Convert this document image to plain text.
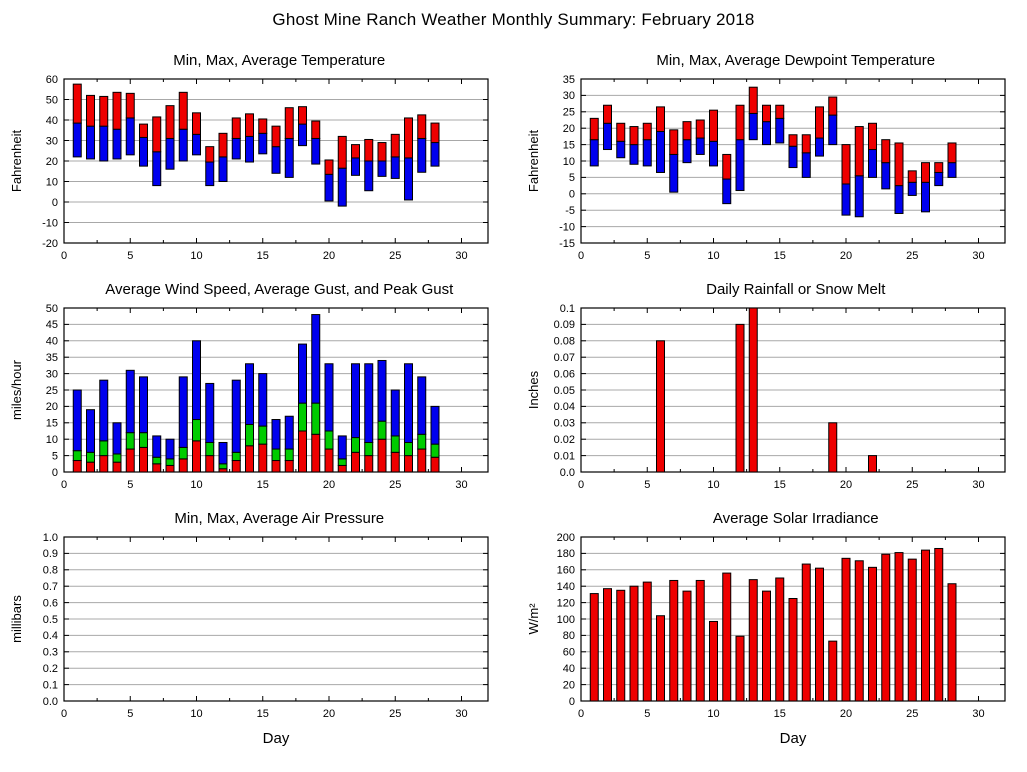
Ghost Mine Ranch Weather Monthly Summary: February 2018
Min, Max, Average Temperature
-20
-10
0
10
20
30
40
50
60
0	5	10	15	20	25	30
Fahrenheit
Min, Max, Average Dewpoint Temperature
-15
-10
-5
0
5
10
15
20
25
30
35
0	5	10	15	20	25	30
Fahrenheit
Average Wind Speed, Average Gust, and Peak Gust
0
5
10
15
20
25
30
35
40
45
50
0	5	10	15	20	25	30
miles/hour
Daily Rainfall or Snow Melt
0.0
0.01
0.02
0.03
0.04
0.05
0.06
0.07
0.08
0.09
0.1
0	5	10	15	20	25	30
Inches
Min, Max, Average Air Pressure
0.0
0.1
0.2
0.3
0.4
0.5
0.6
0.7
0.8
0.9
1.0
0	5	10	15	20	25	30
millibars
Day
Average Solar Irradiance
0
20
40
60
80
100
120
140
160
180
200
0	5	10	15	20	25	30
W/m²
Day
